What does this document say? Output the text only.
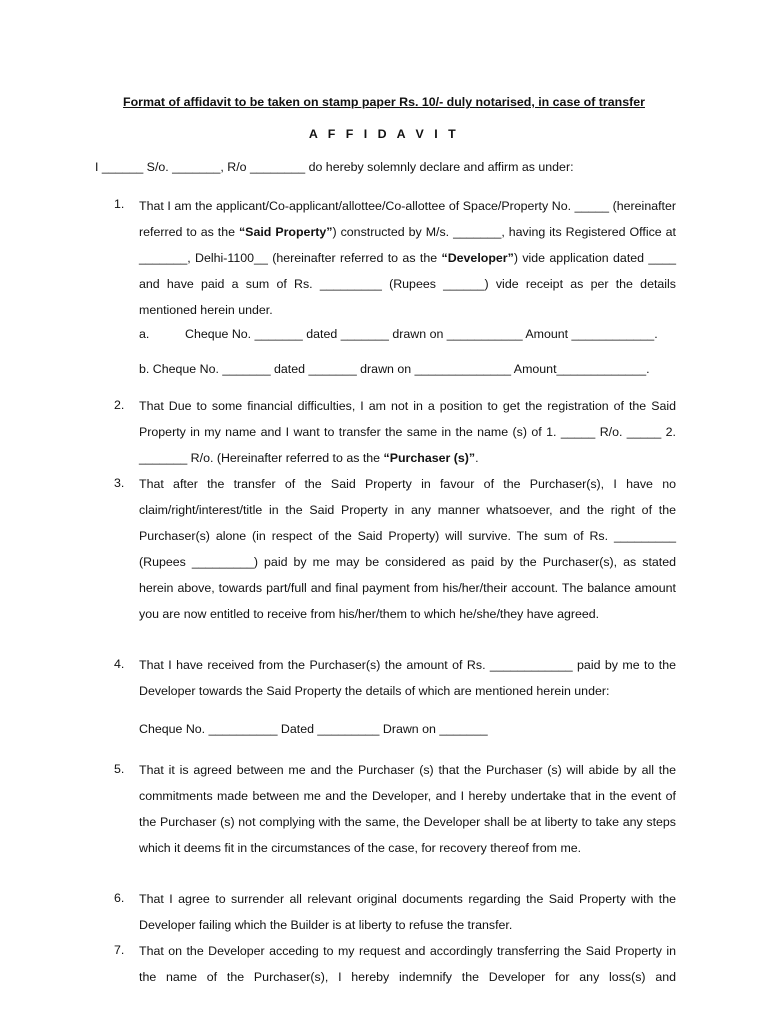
Format of affidavit to be taken on stamp paper Rs. 10/- duly notarised, in case of transfer
A F F I D A V I T
I ______ S/o. _______, R/o ________ do hereby solemnly declare and affirm as under:
1. That I am the applicant/Co-applicant/allottee/Co-allottee of Space/Property No. _____ (hereinafter referred to as the “Said Property”) constructed by M/s. _______, having its Registered Office at _______, Delhi-1100__ (hereinafter referred to as the “Developer”) vide application dated ____ and have paid a sum of Rs. _________ (Rupees ______) vide receipt as per the details mentioned herein under.
a.	Cheque No. _______ dated _______ drawn on ___________ Amount ____________.
b. Cheque No. _______ dated _______ drawn on ______________ Amount_____________.
2. That Due to some financial difficulties, I am not in a position to get the registration of the Said Property in my name and I want to transfer the same in the name (s) of 1. _____ R/o. _____ 2. _______ R/o. (Hereinafter referred to as the “Purchaser (s)”.
3. That after the transfer of the Said Property in favour of the Purchaser(s), I have no claim/right/interest/title in the Said Property in any manner whatsoever, and the right of the Purchaser(s) alone (in respect of the Said Property) will survive. The sum of Rs. _________ (Rupees _________) paid by me may be considered as paid by the Purchaser(s), as stated herein above, towards part/full and final payment from his/her/their account. The balance amount you are now entitled to receive from his/her/them to which he/she/they have agreed.
4. That I have received from the Purchaser(s) the amount of Rs. ____________ paid by me to the Developer towards the Said Property the details of which are mentioned herein under:
Cheque No. __________ Dated _________ Drawn on _______
5. That it is agreed between me and the Purchaser (s) that the Purchaser (s) will abide by all the commitments made between me and the Developer, and I hereby undertake that in the event of the Purchaser (s) not complying with the same, the Developer shall be at liberty to take any steps which it deems fit in the circumstances of the case, for recovery thereof from me.
6. That I agree to surrender all relevant original documents regarding the Said Property with the Developer failing which the Builder is at liberty to refuse the transfer.
7. That on the Developer acceding to my request and accordingly transferring the Said Property in the name of the Purchaser(s), I hereby indemnify the Developer for any loss(s) and
